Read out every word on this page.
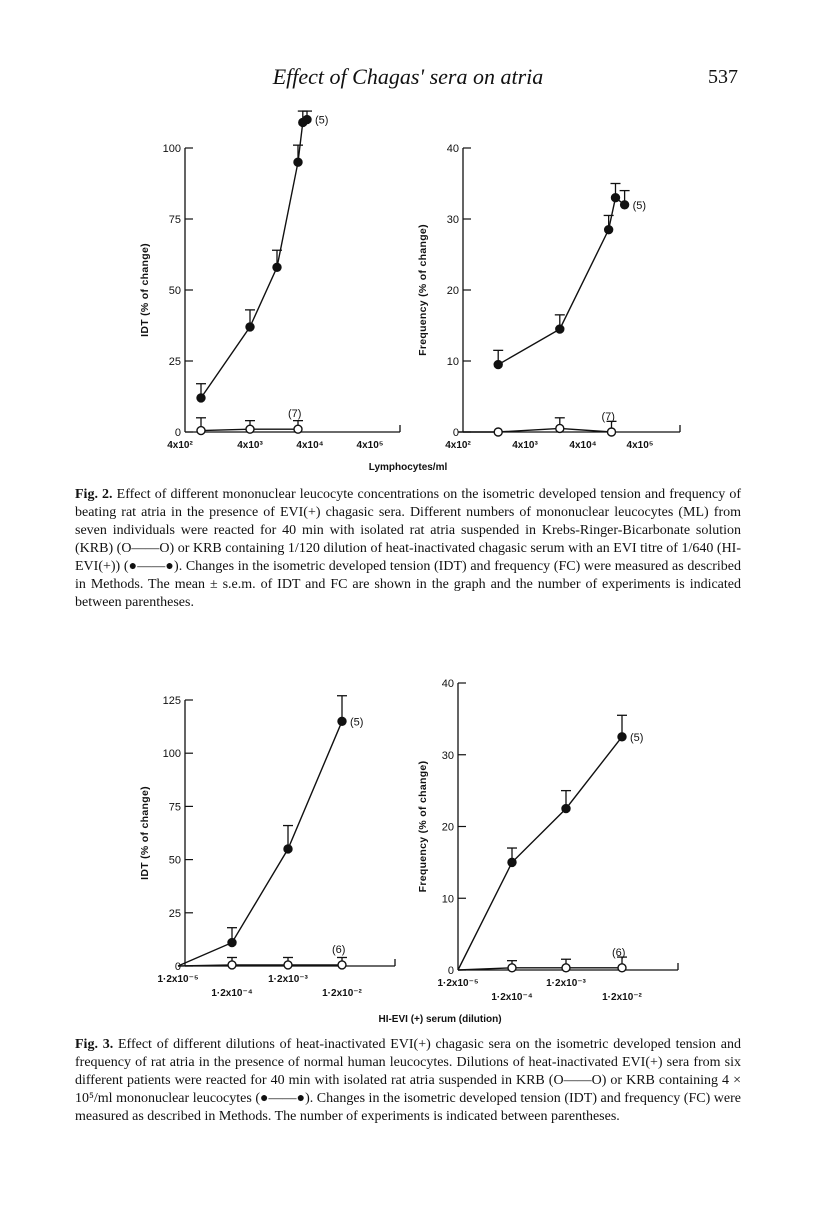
Effect of Chagas' sera on atria	537
0
25
50
75
100
IDT (% of change)
4x10²	4x10³	4x10⁴	4x10⁵
(5)
(7)
0
10
20
30
40
Frequency (% of change)
4x10²	4x10³	4x10⁴	4x10⁵
(5)
(7)
0
25
50
75
100
125
IDT (% of change)
1·2x10⁻⁵
1·2x10⁻⁴
1·2x10⁻³
1·2x10⁻²
(5)
(6)
0
10
20
30
40
Frequency (% of change)
1·2x10⁻⁵
1·2x10⁻⁴
1·2x10⁻³
1·2x10⁻²
(5)
(6)
Lymphocytes/ml
HI-EVI (+) serum (dilution)
Fig. 2. Effect of different mononuclear leucocyte concentrations on the isometric developed tension and frequency of beating rat atria in the presence of EVI(+) chagasic sera. Different numbers of mononuclear leucocytes (ML) from seven individuals were reacted for 40 min with isolated rat atria suspended in Krebs-Ringer-Bicarbonate solution (KRB) (O——O) or KRB containing 1/120 dilution of heat-inactivated chagasic serum with an EVI titre of 1/640 (HI-EVI(+)) (●——●). Changes in the isometric developed tension (IDT) and frequency (FC) were measured as described in Methods. The mean ± s.e.m. of IDT and FC are shown in the graph and the number of experiments is indicated between parentheses.
Fig. 3. Effect of different dilutions of heat-inactivated EVI(+) chagasic sera on the isometric developed tension and frequency of rat atria in the presence of normal human leucocytes. Dilutions of heat-inactivated EVI(+) sera from six different patients were reacted for 40 min with isolated rat atria suspended in KRB (O——O) or KRB containing 4 × 10⁵/ml mononuclear leucocytes (●——●). Changes in the isometric developed tension (IDT) and frequency (FC) were measured as described in Methods. The number of experiments is indicated between parentheses.
